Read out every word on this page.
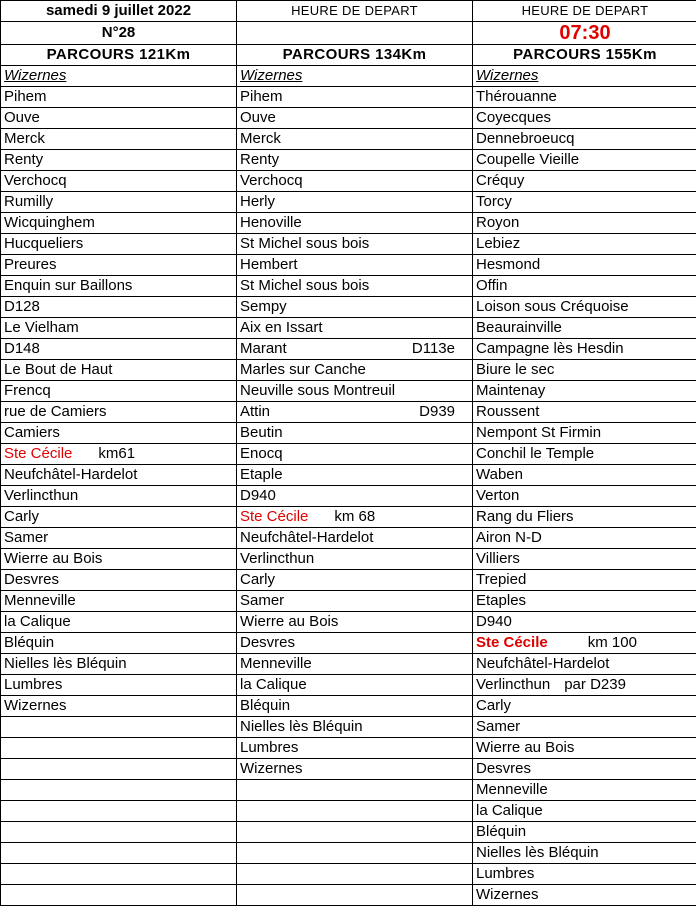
samedi 9 juillet 2022	HEURE DE DEPART	HEURE DE DEPART
N°28		07:30
PARCOURS 121Km	PARCOURS 134Km	PARCOURS 155Km
Wizernes	Wizernes	Wizernes
Pihem	Pihem	Thérouanne
Ouve	Ouve	Coyecques
Merck	Merck	Dennebroeucq
Renty	Renty	Coupelle Vieille
Verchocq	Verchocq	Créquy
Rumilly	Herly	Torcy
Wicquinghem	Henoville	Royon
Hucqueliers	St Michel sous bois	Lebiez
Preures	Hembert	Hesmond
Enquin sur Baillons	St Michel sous bois	Offin
D128	Sempy	Loison sous Créquoise
Le Vielham	Aix en Issart	Beaurainville
D148	Marant D113e	Campagne lès Hesdin
Le Bout de Haut	Marles sur Canche	Biure le sec
Frencq	Neuville sous Montreuil	Maintenay
rue de Camiers	Attin D939	Roussent
Camiers	Beutin	Nempont St Firmin
Ste Cécile km61	Enocq	Conchil le Temple
Neufchâtel-Hardelot	Etaple	Waben
Verlincthun	D940	Verton
Carly	Ste Cécile km 68	Rang du Fliers
Samer	Neufchâtel-Hardelot	Airon N-D
Wierre au Bois	Verlincthun	Villiers
Desvres	Carly	Trepied
Menneville	Samer	Etaples
la Calique	Wierre au Bois	D940
Bléquin	Desvres	Ste Cécile km 100
Nielles lès Bléquin	Menneville	Neufchâtel-Hardelot
Lumbres	la Calique	Verlincthun par D239
Wizernes	Bléquin	Carly
	Nielles lès Bléquin	Samer
	Lumbres	Wierre au Bois
	Wizernes	Desvres
		Menneville
		la Calique
		Bléquin
		Nielles lès Bléquin
		Lumbres
		Wizernes
